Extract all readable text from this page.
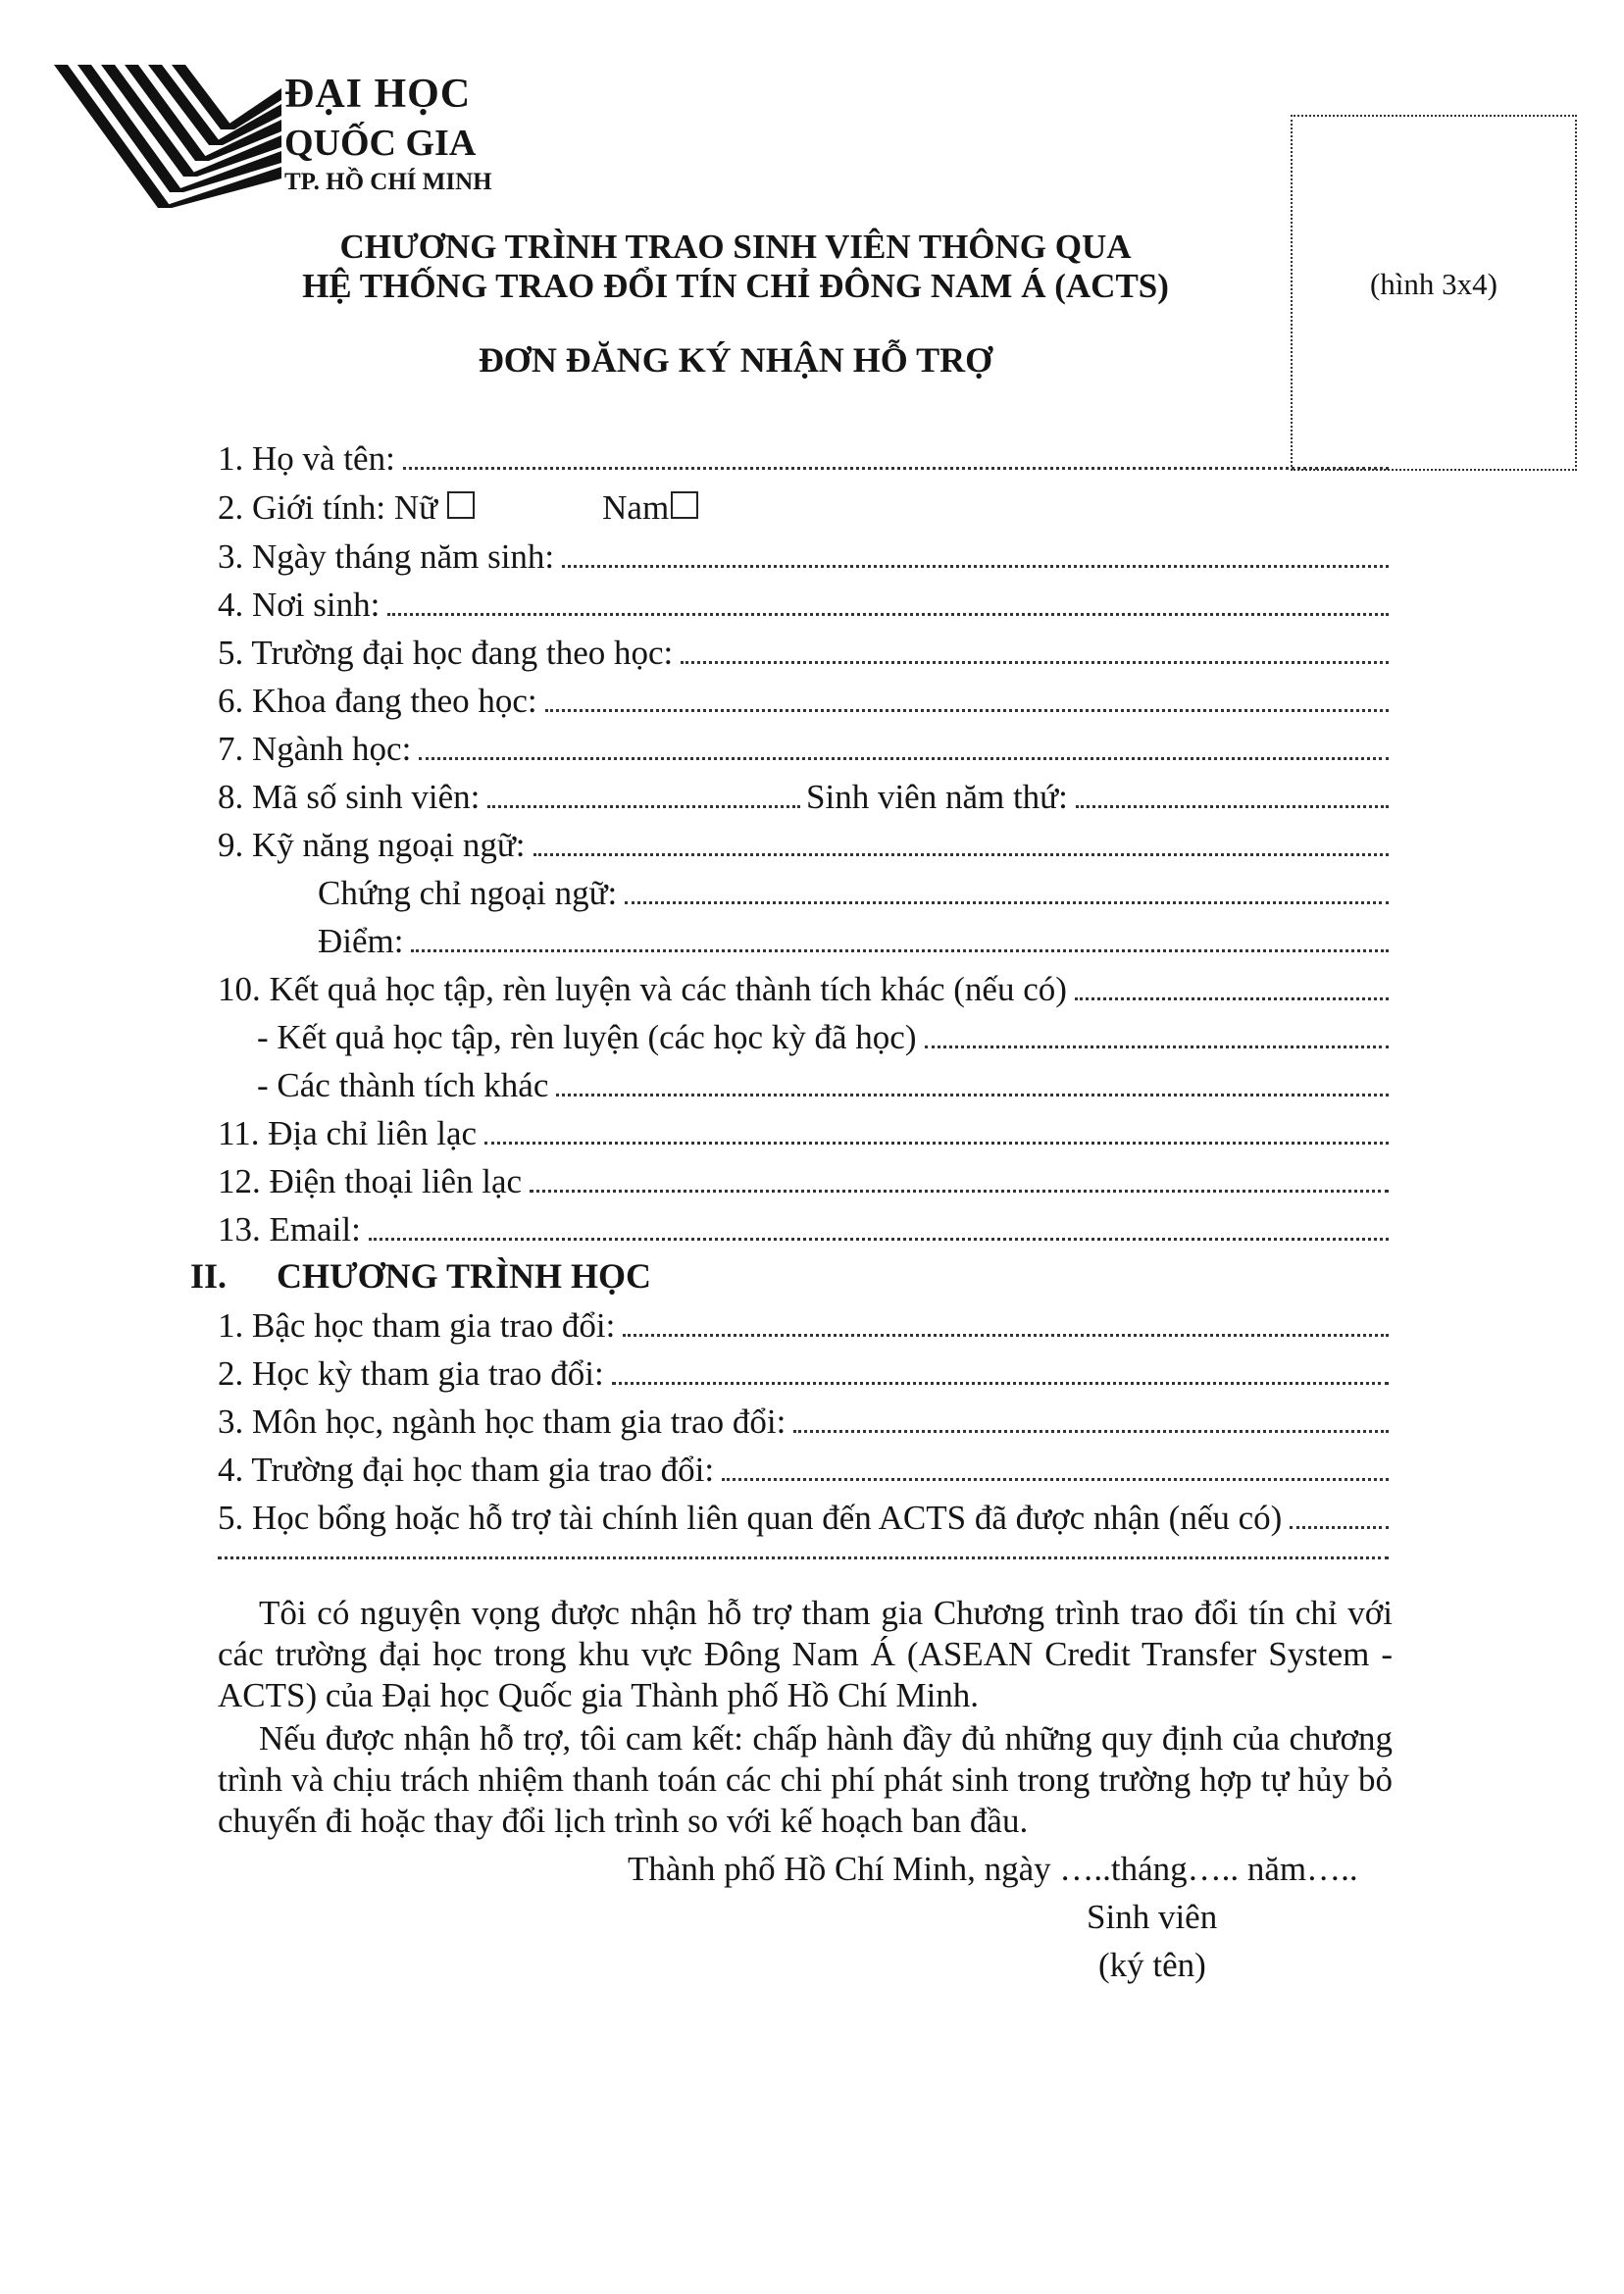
ĐẠI HỌC
QUỐC GIA
TP. HỒ CHÍ MINH
CHƯƠNG TRÌNH TRAO SINH VIÊN THÔNG QUA
HỆ THỐNG TRAO ĐỔI TÍN CHỈ ĐÔNG NAM Á (ACTS)
ĐƠN ĐĂNG KÝ NHẬN HỖ TRỢ
(hình 3x4)
1. Họ và tên:
2. Giới tính: Nữ	Nam
3. Ngày tháng năm sinh:
4. Nơi sinh:
5. Trường đại học đang theo học:
6. Khoa đang theo học:
7. Ngành học:
8. Mã số sinh viên:	Sinh viên năm thứ:
9. Kỹ năng ngoại ngữ:
Chứng chỉ ngoại ngữ:
Điểm:
10. Kết quả học tập, rèn luyện và các thành tích khác (nếu có)
- Kết quả học tập, rèn luyện (các học kỳ đã học)
- Các thành tích khác
11. Địa chỉ liên lạc
12. Điện thoại liên lạc
13. Email:
II. CHƯƠNG TRÌNH HỌC
1. Bậc học tham gia trao đổi:
2. Học kỳ tham gia trao đổi:
3. Môn học, ngành học tham gia trao đổi:
4. Trường đại học tham gia trao đổi:
5. Học bổng hoặc hỗ trợ tài chính liên quan đến ACTS đã được nhận (nếu có)
Tôi có nguyện vọng được nhận hỗ trợ tham gia Chương trình trao đổi tín chỉ với các trường đại học trong khu vực Đông Nam Á (ASEAN Credit Transfer System - ACTS) của Đại học Quốc gia Thành phố Hồ Chí Minh.
Nếu được nhận hỗ trợ, tôi cam kết: chấp hành đầy đủ những quy định của chương trình và chịu trách nhiệm thanh toán các chi phí phát sinh trong trường hợp tự hủy bỏ chuyến đi hoặc thay đổi lịch trình so với kế hoạch ban đầu.
Thành phố Hồ Chí Minh, ngày …..tháng….. năm…..
Sinh viên
(ký tên)
